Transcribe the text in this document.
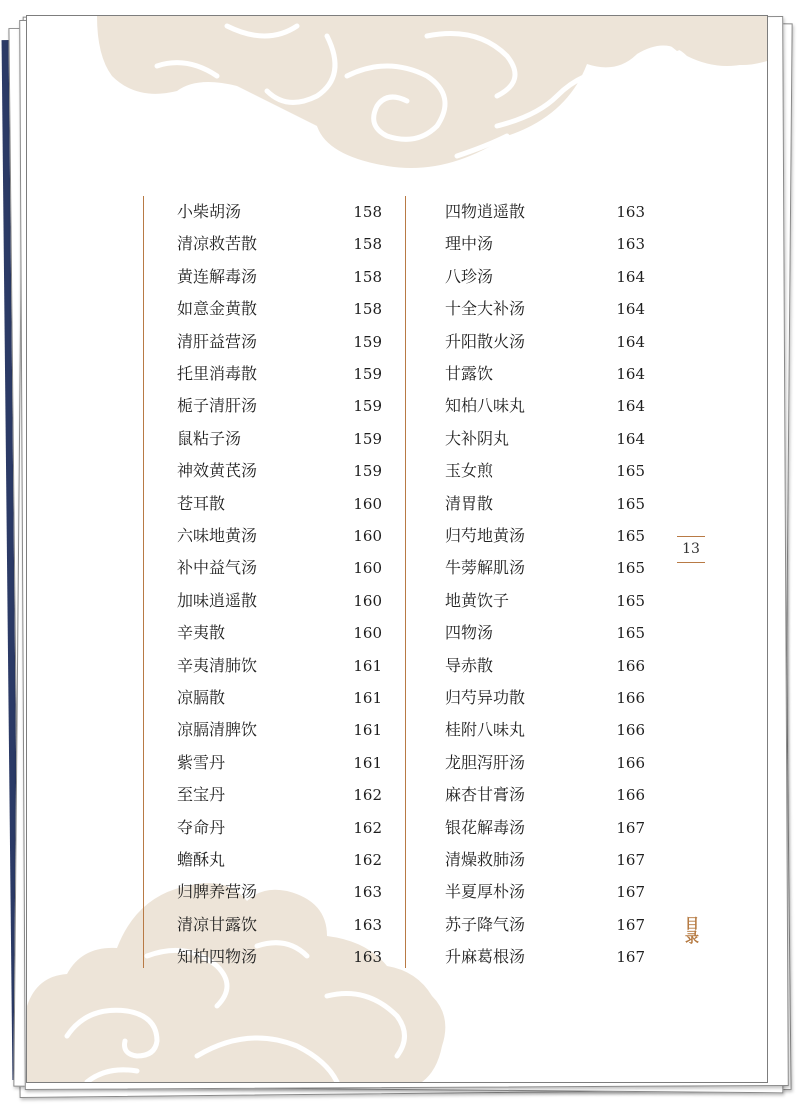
小柴胡汤	158
清凉救苦散	158
黄连解毒汤	158
如意金黄散	158
清肝益营汤	159
托里消毒散	159
栀子清肝汤	159
鼠粘子汤	159
神效黄芪汤	159
苍耳散	160
六味地黄汤	160
补中益气汤	160
加味逍遥散	160
辛夷散	160
辛夷清肺饮	161
凉膈散	161
凉膈清脾饮	161
紫雪丹	161
至宝丹	162
夺命丹	162
蟾酥丸	162
归脾养营汤	163
清凉甘露饮	163
知柏四物汤	163
四物逍遥散	163
理中汤	163
八珍汤	164
十全大补汤	164
升阳散火汤	164
甘露饮	164
知柏八味丸	164
大补阴丸	164
玉女煎	165
清胃散	165
归芍地黄汤	165
牛蒡解肌汤	165
地黄饮子	165
四物汤	165
导赤散	166
归芍异功散	166
桂附八味丸	166
龙胆泻肝汤	166
麻杏甘膏汤	166
银花解毒汤	167
清燥救肺汤	167
半夏厚朴汤	167
苏子降气汤	167
升麻葛根汤	167
13
目录
